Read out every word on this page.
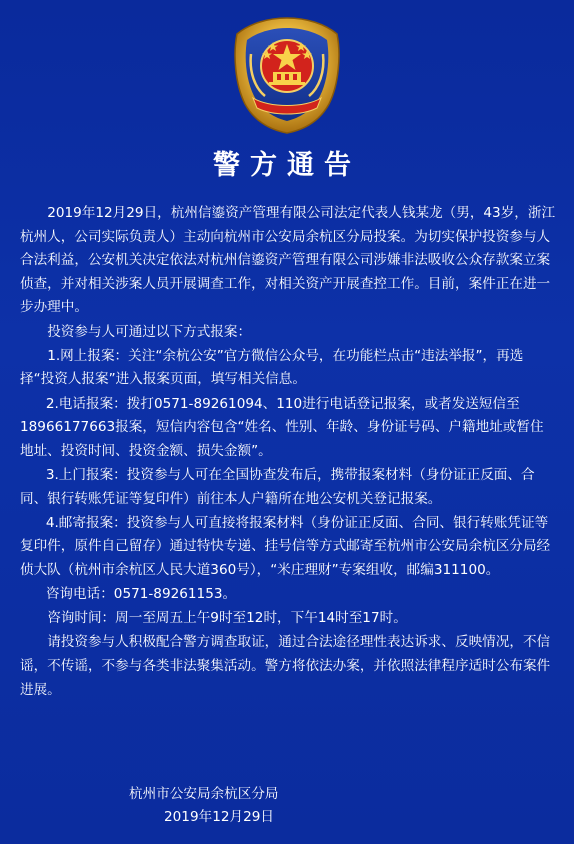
警方通告

2019年12月29日，杭州信鎏资产管理有限公司法定代表人钱某龙（男，43岁，浙江杭州人，公司实际负责人）主动向杭州市公安局余杭区分局投案。为切实保护投资参与人合法利益，公安机关决定依法对杭州信鎏资产管理有限公司涉嫌非法吸收公众存款案立案侦查，并对相关涉案人员开展调查工作，对相关资产开展查控工作。目前，案件正在进一步办理中。

投资参与人可通过以下方式报案：

1.网上报案：关注“余杭公安”官方微信公众号，在功能栏点击“违法举报”，再选择“投资人报案”进入报案页面，填写相关信息。

2.电话报案：拨打0571-89261094、110进行电话登记报案，或者发送短信至18966177663报案，短信内容包含“姓名、性别、年龄、身份证号码、户籍地址或暂住地址、投资时间、投资金额、损失金额”。

3.上门报案：投资参与人可在全国协查发布后，携带报案材料（身份证正反面、合同、银行转账凭证等复印件）前往本人户籍所在地公安机关登记报案。

4.邮寄报案：投资参与人可直接将报案材料（身份证正反面、合同、银行转账凭证等复印件，原件自己留存）通过特快专递、挂号信等方式邮寄至杭州市公安局余杭区分局经侦大队（杭州市余杭区人民大道360号），“米庄理财”专案组收，邮编311100。

咨询电话：0571-89261153。

咨询时间：周一至周五上午9时至12时，下午14时至17时。

请投资参与人积极配合警方调查取证，通过合法途径理性表达诉求、反映情况，不信谣，不传谣，不参与各类非法聚集活动。警方将依法办案，并依照法律程序适时公布案件进展。

杭州市公安局余杭区分局
2019年12月29日
